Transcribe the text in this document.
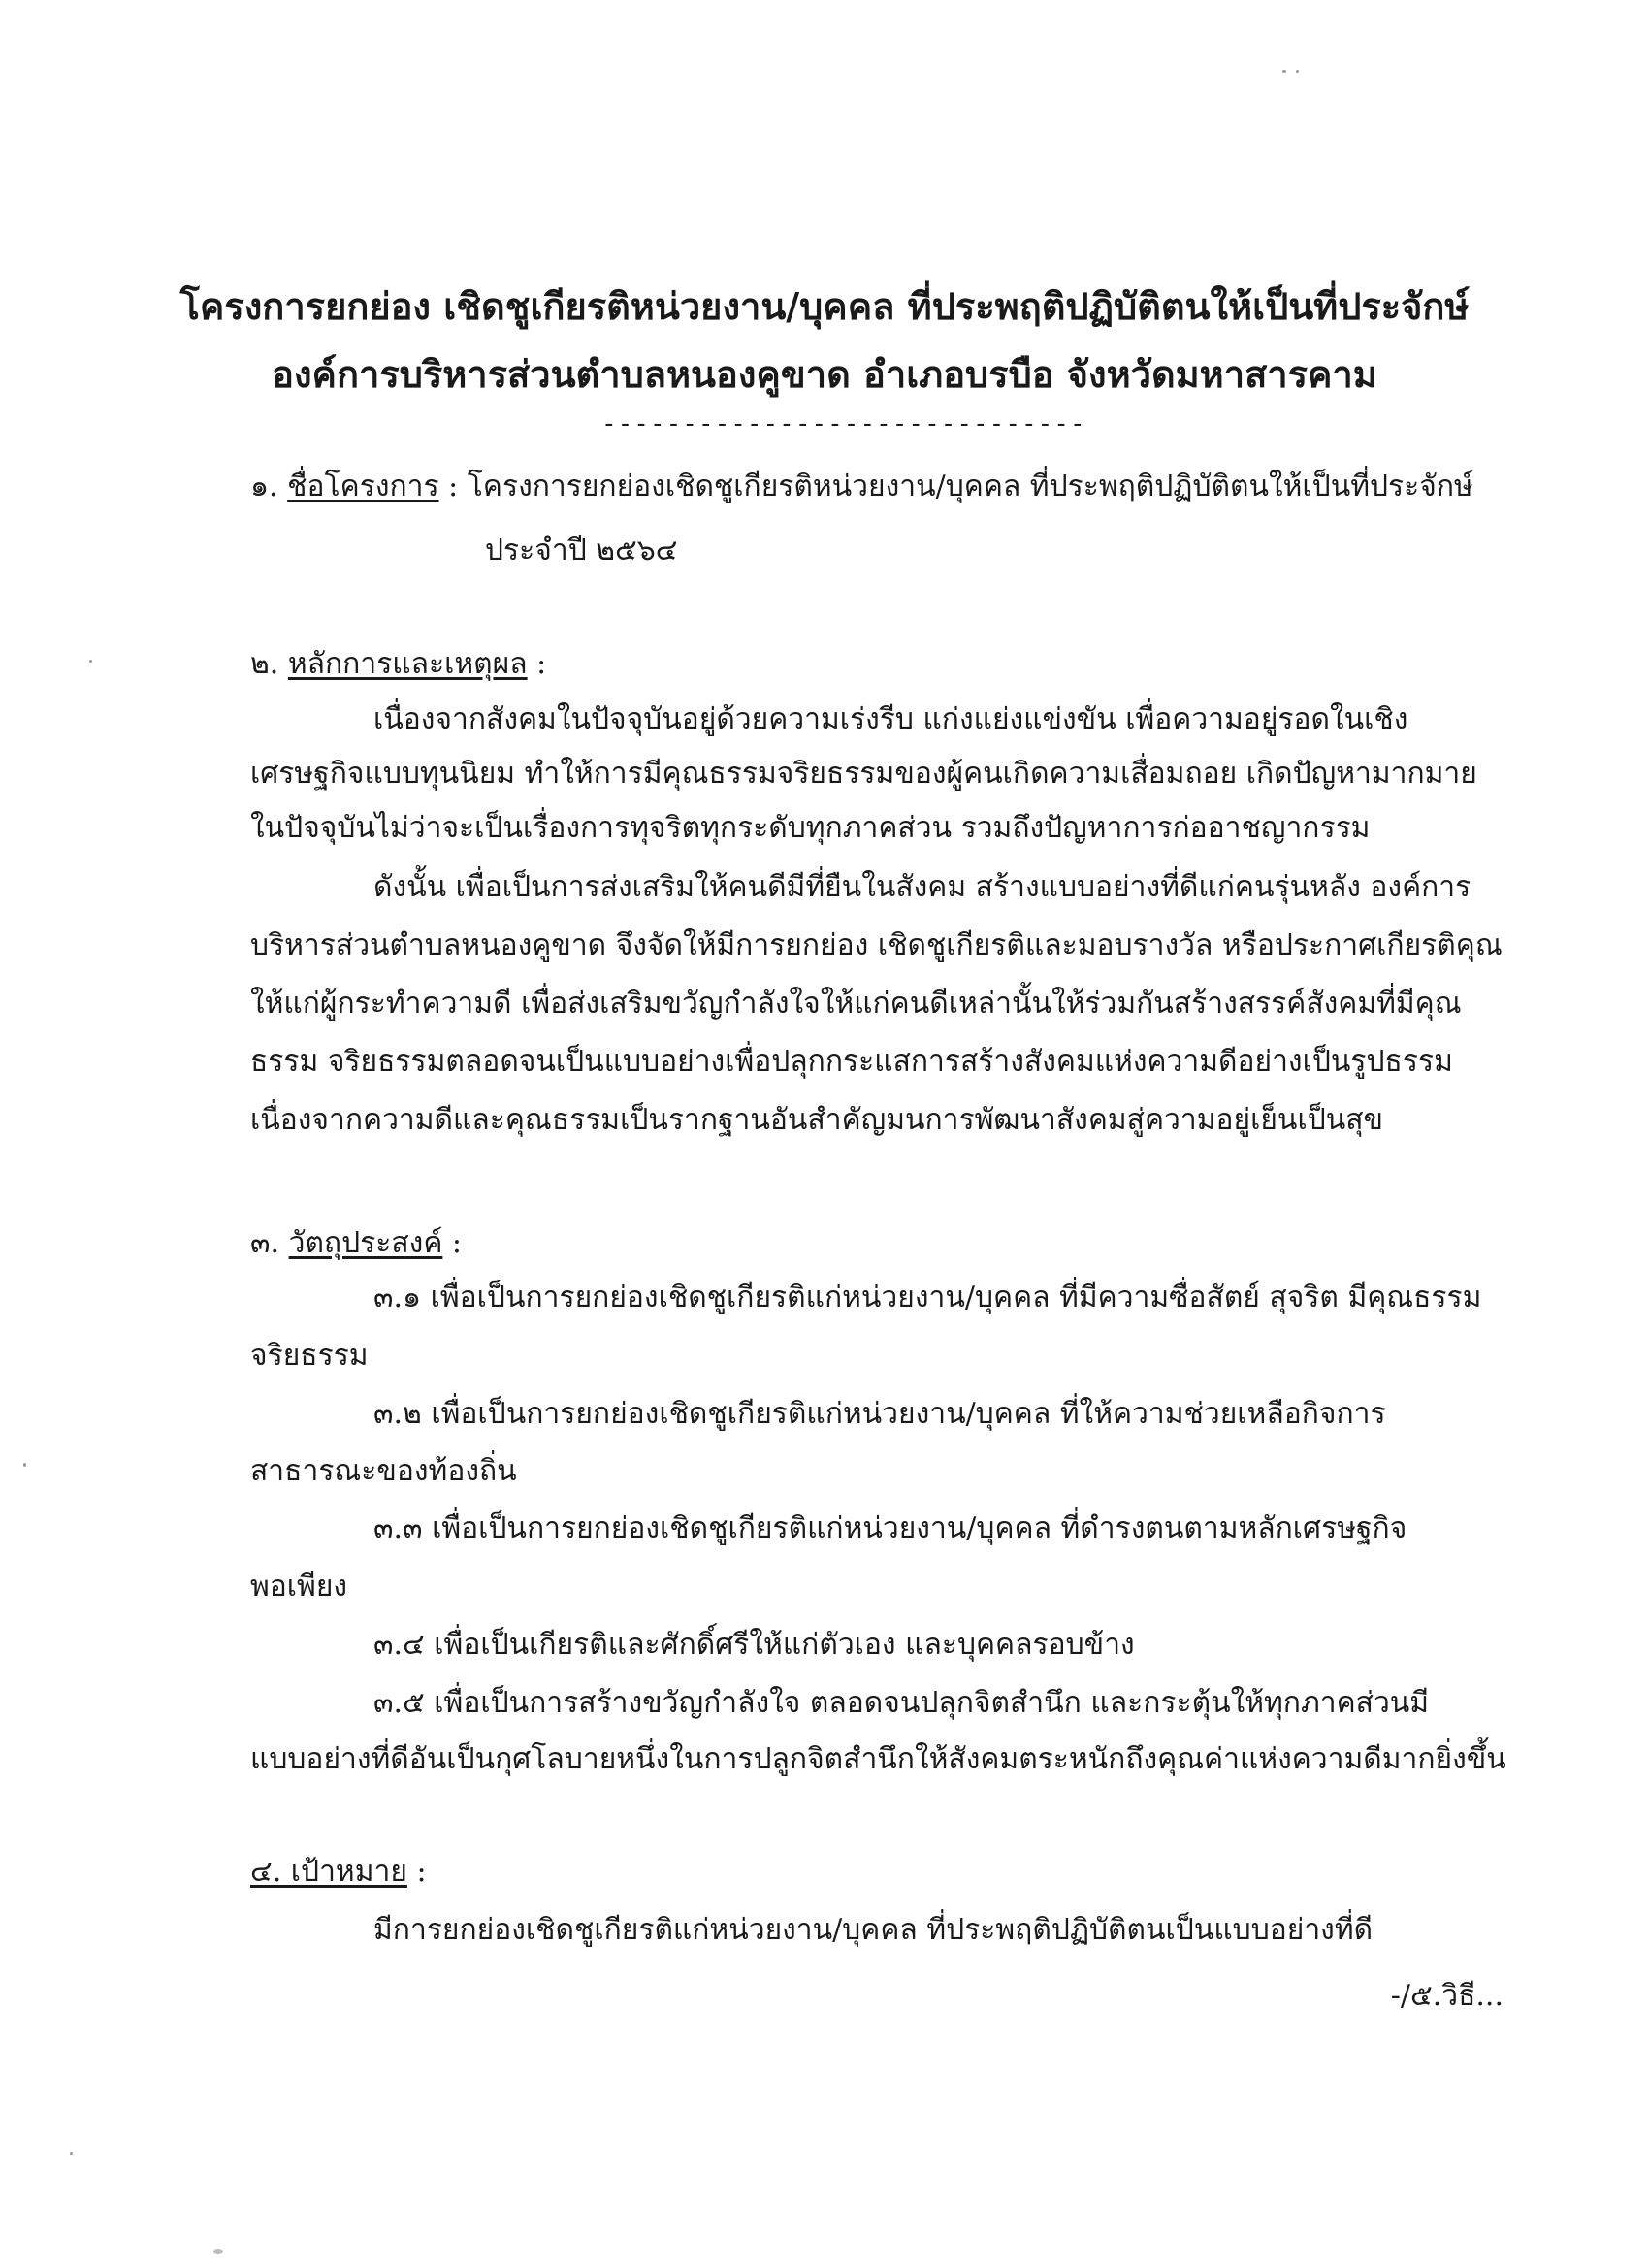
โครงการยกย่อง เชิดชูเกียรติหน่วยงาน/บุคคล ที่ประพฤติปฏิบัติตนให้เป็นที่ประจักษ์
องค์การบริหารส่วนตำบลหนองคูขาด อำเภอบรบือ จังหวัดมหาสารคาม
------------------------------
๑. ชื่อโครงการ : โครงการยกย่องเชิดชูเกียรติหน่วยงาน/บุคคล ที่ประพฤติปฏิบัติตนให้เป็นที่ประจักษ์
ประจำปี ๒๕๖๔
๒. หลักการและเหตุผล :
เนื่องจากสังคมในปัจจุบันอยู่ด้วยความเร่งรีบ แก่งแย่งแข่งขัน เพื่อความอยู่รอดในเชิง
เศรษฐกิจแบบทุนนิยม ทำให้การมีคุณธรรมจริยธรรมของผู้คนเกิดความเสื่อมถอย เกิดปัญหามากมาย
ในปัจจุบันไม่ว่าจะเป็นเรื่องการทุจริตทุกระดับทุกภาคส่วน รวมถึงปัญหาการก่ออาชญากรรม
ดังนั้น เพื่อเป็นการส่งเสริมให้คนดีมีที่ยืนในสังคม สร้างแบบอย่างที่ดีแก่คนรุ่นหลัง องค์การ
บริหารส่วนตำบลหนองคูขาด จึงจัดให้มีการยกย่อง เชิดชูเกียรติและมอบรางวัล หรือประกาศเกียรติคุณ
ให้แก่ผู้กระทำความดี เพื่อส่งเสริมขวัญกำลังใจให้แก่คนดีเหล่านั้นให้ร่วมกันสร้างสรรค์สังคมที่มีคุณ
ธรรม จริยธรรมตลอดจนเป็นแบบอย่างเพื่อปลุกกระแสการสร้างสังคมแห่งความดีอย่างเป็นรูปธรรม
เนื่องจากความดีและคุณธรรมเป็นรากฐานอันสำคัญมนการพัฒนาสังคมสู่ความอยู่เย็นเป็นสุข
๓. วัตถุประสงค์ :
๓.๑ เพื่อเป็นการยกย่องเชิดชูเกียรติแก่หน่วยงาน/บุคคล ที่มีความซื่อสัตย์ สุจริต มีคุณธรรม
จริยธรรม
๓.๒ เพื่อเป็นการยกย่องเชิดชูเกียรติแก่หน่วยงาน/บุคคล ที่ให้ความช่วยเหลือกิจการ
สาธารณะของท้องถิ่น
๓.๓ เพื่อเป็นการยกย่องเชิดชูเกียรติแก่หน่วยงาน/บุคคล ที่ดำรงตนตามหลักเศรษฐกิจ
พอเพียง
๓.๔ เพื่อเป็นเกียรติและศักดิ์ศรีให้แก่ตัวเอง และบุคคลรอบข้าง
๓.๕ เพื่อเป็นการสร้างขวัญกำลังใจ ตลอดจนปลุกจิตสำนึก และกระตุ้นให้ทุกภาคส่วนมี
แบบอย่างที่ดีอันเป็นกุศโลบายหนึ่งในการปลูกจิตสำนึกให้สังคมตระหนักถึงคุณค่าแห่งความดีมากยิ่งขึ้น
๔. เป้าหมาย :
มีการยกย่องเชิดชูเกียรติแก่หน่วยงาน/บุคคล ที่ประพฤติปฏิบัติตนเป็นแบบอย่างที่ดี
-/๕.วิธี...
